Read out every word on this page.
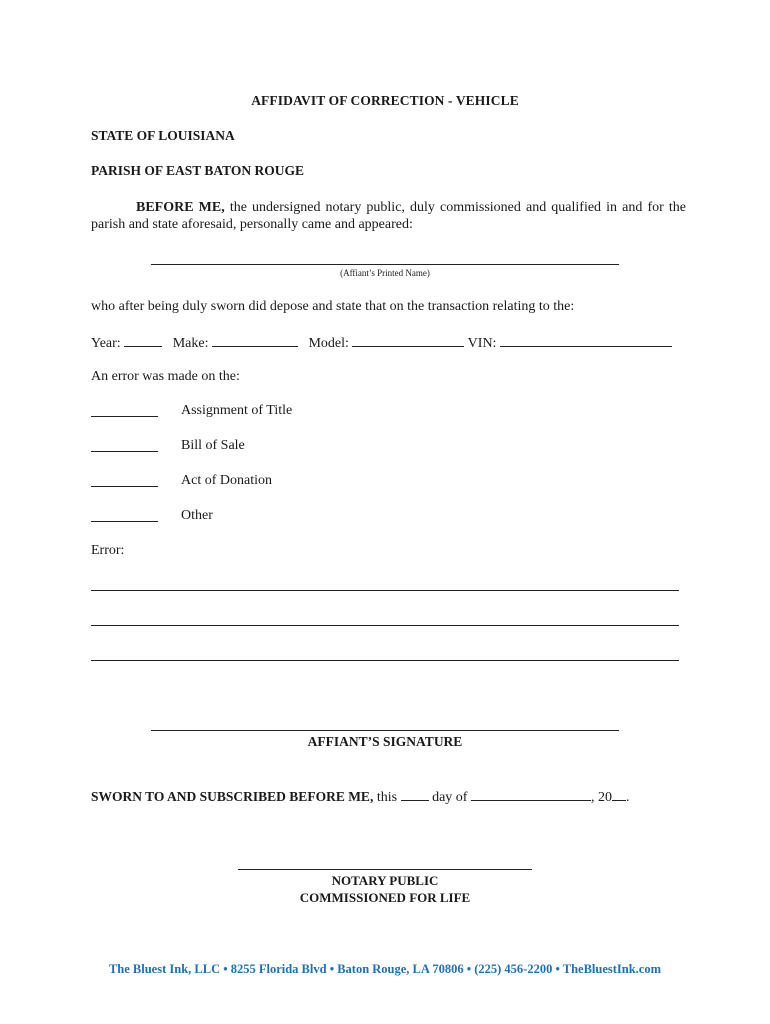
AFFIDAVIT OF CORRECTION - VEHICLE
STATE OF LOUISIANA
PARISH OF EAST BATON ROUGE
BEFORE ME, the undersigned notary public, duly commissioned and qualified in and for the parish and state aforesaid, personally came and appeared:
(Affiant’s Printed Name)
who after being duly sworn did depose and state that on the transaction relating to the:
Year:	Make:	Model:	VIN:
An error was made on the:
Assignment of Title
Bill of Sale
Act of Donation
Other
Error:
AFFIANT’S SIGNATURE
SWORN TO AND SUBSCRIBED BEFORE ME, this  day of	, 20 .
NOTARY PUBLIC
COMMISSIONED FOR LIFE
The Bluest Ink, LLC • 8255 Florida Blvd • Baton Rouge, LA 70806 • (225) 456-2200 • TheBluestInk.com
